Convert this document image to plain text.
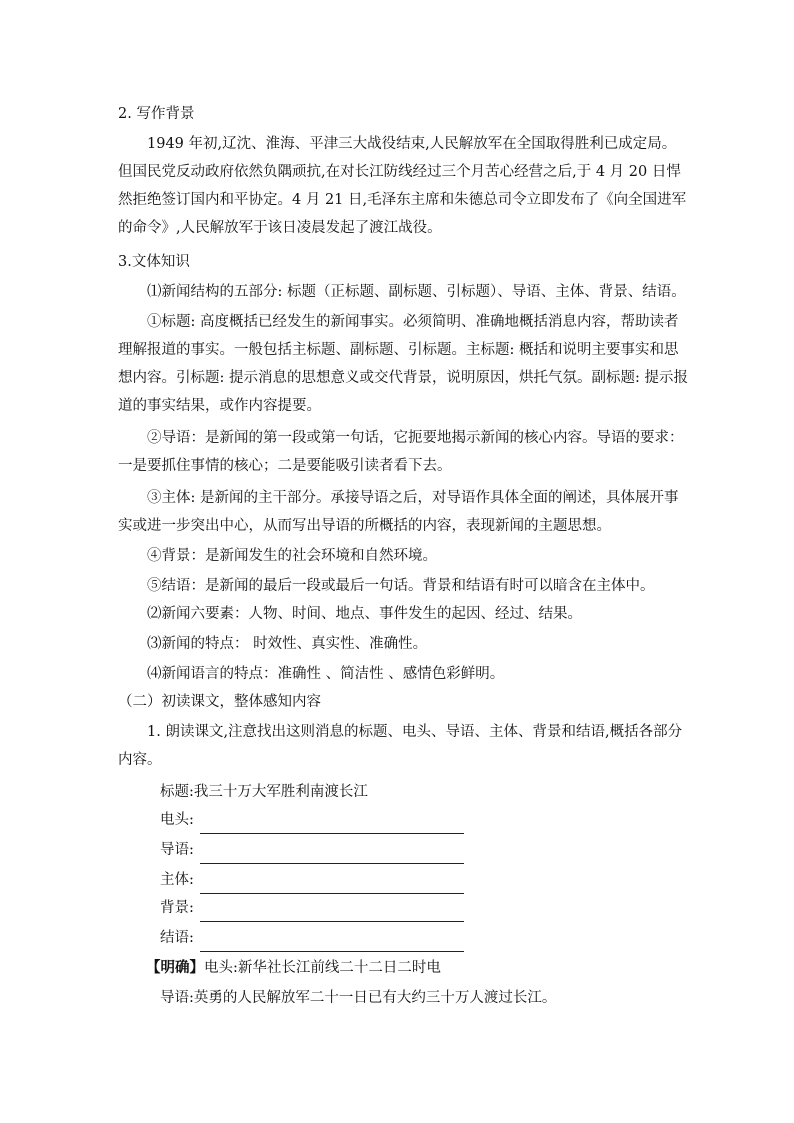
2. 写作背景
1949 年初,辽沈、淮海、平津三大战役结束,人民解放军在全国取得胜利已成定局。但国民党反动政府依然负隅顽抗,在对长江防线经过三个月苦心经营之后,于 4 月 20 日悍然拒绝签订国内和平协定。4 月 21 日,毛泽东主席和朱德总司令立即发布了《向全国进军的命令》,人民解放军于该日凌晨发起了渡江战役。
3.文体知识
⑴新闻结构的五部分: 标题（正标题、副标题、引标题）、导语、主体、背景、结语。
①标题: 高度概括已经发生的新闻事实。必须简明、准确地概括消息内容，帮助读者理解报道的事实。一般包括主标题、副标题、引标题。主标题: 概括和说明主要事实和思想内容。引标题: 提示消息的思想意义或交代背景，说明原因，烘托气氛。副标题: 提示报道的事实结果，或作内容提要。
②导语：是新闻的第一段或第一句话，它扼要地揭示新闻的核心内容。导语的要求：一是要抓住事情的核心；二是要能吸引读者看下去。
③主体: 是新闻的主干部分。承接导语之后，对导语作具体全面的阐述，具体展开事实或进一步突出中心，从而写出导语的所概括的内容，表现新闻的主题思想。
④背景：是新闻发生的社会环境和自然环境。
⑤结语：是新闻的最后一段或最后一句话。背景和结语有时可以暗含在主体中。
⑵新闻六要素：人物、时间、地点、事件发生的起因、经过、结果。
⑶新闻的特点： 时效性、真实性、准确性。
⑷新闻语言的特点：准确性 、简洁性 、感情色彩鲜明。
（二）初读课文，整体感知内容
1. 朗读课文,注意找出这则消息的标题、电头、导语、主体、背景和结语,概括各部分内容。
标题:我三十万大军胜利南渡长江
电头:
导语:
主体:
背景:
结语:
【明确】电头:新华社长江前线二十二日二时电
导语:英勇的人民解放军二十一日已有大约三十万人渡过长江。
